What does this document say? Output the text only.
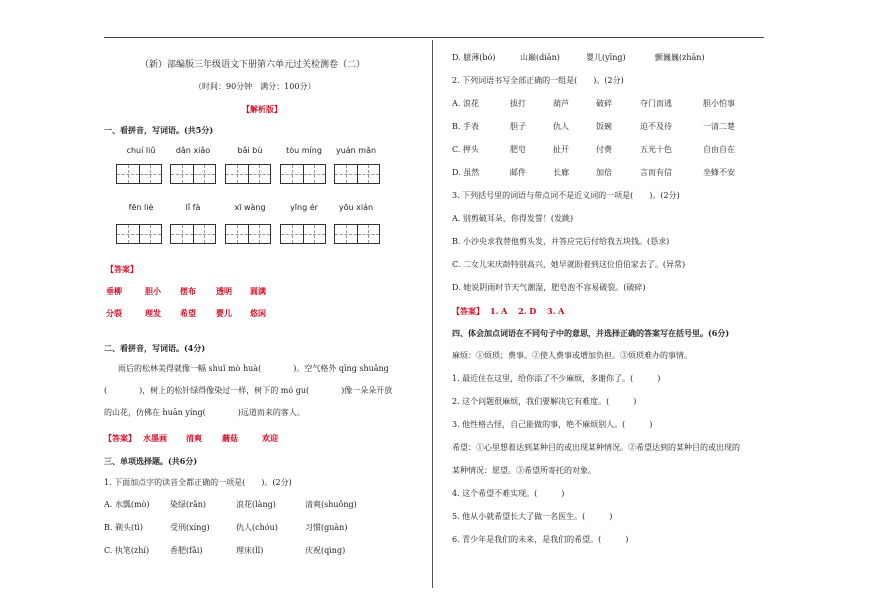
（新）部编版三年级语文下册第六单元过关检测卷（二）
（时间：90分钟　满分：100分）
【解析版】
一、看拼音，写词语。(共5分)
chuí liǔ	dǎn xiǎo	bǎi bù	tòu míng	yuán mǎn
fēn liè	lǐ fà	xī wàng	yīng ér	yōu xián
【答案】
垂柳	胆小 摆布	透明 圆满
分裂	理发 希望	婴儿 悠闲
二、看拼音，写词语。(4分)
雨后的松林美得就像一幅 shuǐ mò huà(　　　　)。空气格外 qīng shuǎng
(　　　　)，树上的松针绿得像染过一样，树下的 mó gu(　　　　)像一朵朵开放
的山花，仿佛在 huān yíng(　　　　)远道而来的客人。
【答案】 水墨画 清爽	蘑菇	欢迎
三、单项选择题。(共6分)
1. 下面加点字的读音全都正确的一项是(　　)。(2分)
A. 水瓢(mò)	染绿(rǎn)	浪花(làng)	清爽(shuǒng)
B. 剃头(tì)	受刑(xíng)	仇人(chóu)	习惯(guàn)
C. 执笔(zhí)	香肥(fǎi)	理床(lǐ)	庆祝(qìng)
D. 臆薄(bó)	山巅(diān)	婴儿(yīng)	颤巍巍(zhān)
2. 下列词语书写全部正确的一组是(　　)。(2分)
A. 浪花	拔打	葫芦	破碎	夺门而逃	胆小怕事
B. 手表	胆子	仇人	饭碗	迫不及待	一清二楚
C. 押头	肥皂	扯开	付费	五光十色	自由自在
D. 虽然	邮件	长廊	加倍	言而有信	坐蜂不安
3. 下列括号里的词语与带点词不是近义词的一项是(　　)。(2分)
A. 别剪破耳朵，你得发誓！(发跳)
B. 小沙央求我替他剪头发，并答应完后付给我五块钱。(恳求)
C. 二女儿宋庆龄特别高兴，她早就盼着到这位伯伯家去了。(异常)
D. 她说阴雨时节天气潮湿，肥皂泡不容易破裂。(破碎)
【答案】 1. A　 2. D　 3. A
四、体会加点词语在不同句子中的意思，并选择正确的答案写在括号里。(6分)
麻烦：①烦琐；费事。②使人费事或增加负担。③烦琐难办的事情。
1. 最近住在这里，给你添了不少麻烦，多谢你了。(　　　)
2. 这个问题很麻烦，我们要解决它有难度。(　　　)
3. 他性格古怪，自己能做的事，绝不麻烦别人。(　　　)
希望：①心里想着达到某种目的或出现某种情况。②希望达到的某种目的或出现的
某种情况：愿望。③希望所寄托的对象。
4. 这个希望不难实现。(　　　)
5. 他从小就希望长大了做一名医生。(　　　)
6. 青少年是我们的未来，是我们的希望。(　　　)
